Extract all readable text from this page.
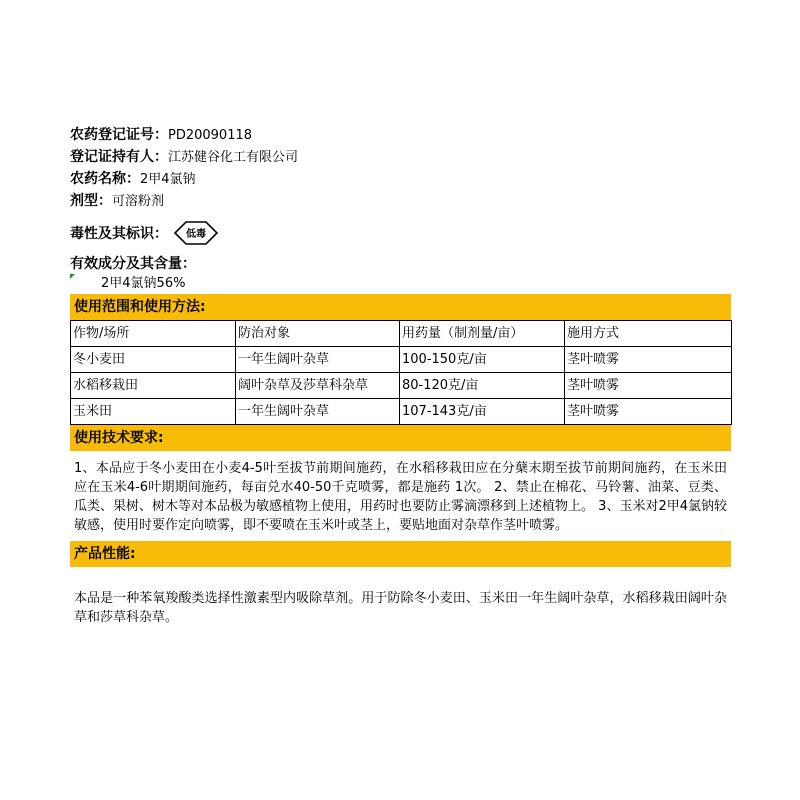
农药登记证号：PD20090118
登记证持有人：江苏健谷化工有限公司
农药名称：2甲4氯钠
剂型：可溶粉剂
毒性及其标识： 低毒
有效成分及其含量：
2甲4氯钠56%
使用范围和使用方法:
作物/场所	防治对象	用药量（制剂量/亩）	施用方式
冬小麦田	一年生阔叶杂草	100-150克/亩	茎叶喷雾
水稻移栽田	阔叶杂草及莎草科杂草	80-120克/亩	茎叶喷雾
玉米田	一年生阔叶杂草	107-143克/亩	茎叶喷雾
使用技术要求:
1、本品应于冬小麦田在小麦4-5叶至拔节前期间施药，在水稻移栽田应在分蘖末期至拔节前期间施药，在玉米田应在玉米4-6叶期期间施药，每亩兑水40-50千克喷雾，都是施药 1次。 2、禁止在棉花、马铃薯、油菜、豆类、瓜类、果树、树木等对本品极为敏感植物上使用，用药时也要防止雾滴漂移到上述植物上。 3、玉米对2甲4氯钠较敏感，使用时要作定向喷雾，即不要喷在玉米叶或茎上，要贴地面对杂草作茎叶喷雾。
产品性能:
本品是一种苯氧羧酸类选择性激素型内吸除草剂。用于防除冬小麦田、玉米田一年生阔叶杂草，水稻移栽田阔叶杂草和莎草科杂草。
